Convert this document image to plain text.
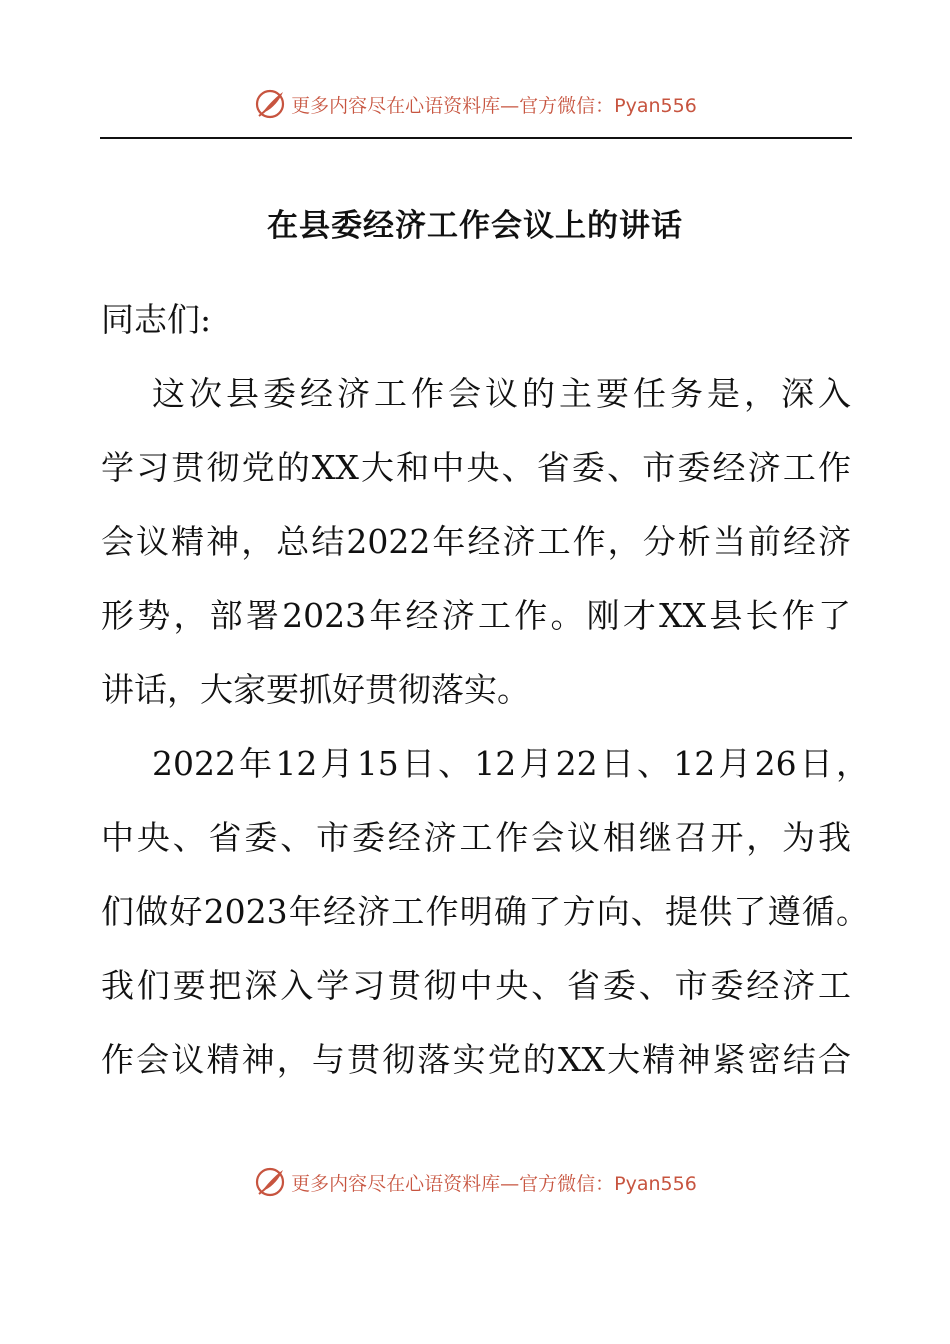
更多内容尽在心语资料库—官方微信：Pyan556
在县委经济工作会议上的讲话
同志们:
这次县委经济工作会议的主要任务是，深入
学习贯彻党的XX大和中央、省委、市委经济工作
会议精神，总结2022年经济工作，分析当前经济
形势，部署2023年经济工作。刚才XX县长作了
讲话，大家要抓好贯彻落实。
2022年12月15日、12月22日、12月26日，
中央、省委、市委经济工作会议相继召开，为我
们做好2023年经济工作明确了方向、提供了遵循。
我们要把深入学习贯彻中央、省委、市委经济工
作会议精神，与贯彻落实党的XX大精神紧密结合
更多内容尽在心语资料库—官方微信：Pyan556
